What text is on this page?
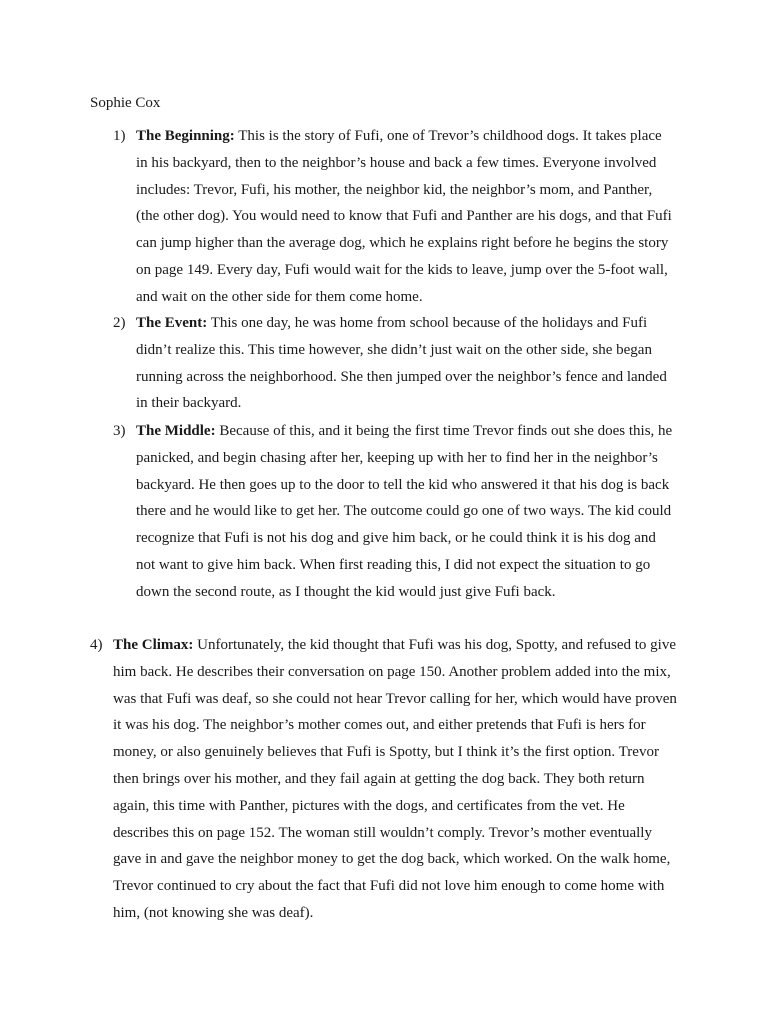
Sophie Cox

1) The Beginning: This is the story of Fufi, one of Trevor’s childhood dogs. It takes place in his backyard, then to the neighbor’s house and back a few times. Everyone involved includes: Trevor, Fufi, his mother, the neighbor kid, the neighbor’s mom, and Panther, (the other dog). You would need to know that Fufi and Panther are his dogs, and that Fufi can jump higher than the average dog, which he explains right before he begins the story on page 149. Every day, Fufi would wait for the kids to leave, jump over the 5-foot wall, and wait on the other side for them come home.

2) The Event: This one day, he was home from school because of the holidays and Fufi didn’t realize this. This time however, she didn’t just wait on the other side, she began running across the neighborhood. She then jumped over the neighbor’s fence and landed in their backyard.

3) The Middle: Because of this, and it being the first time Trevor finds out she does this, he panicked, and begin chasing after her, keeping up with her to find her in the neighbor’s backyard. He then goes up to the door to tell the kid who answered it that his dog is back there and he would like to get her. The outcome could go one of two ways. The kid could recognize that Fufi is not his dog and give him back, or he could think it is his dog and not want to give him back. When first reading this, I did not expect the situation to go down the second route, as I thought the kid would just give Fufi back.

4) The Climax: Unfortunately, the kid thought that Fufi was his dog, Spotty, and refused to give him back. He describes their conversation on page 150. Another problem added into the mix, was that Fufi was deaf, so she could not hear Trevor calling for her, which would have proven it was his dog. The neighbor’s mother comes out, and either pretends that Fufi is hers for money, or also genuinely believes that Fufi is Spotty, but I think it’s the first option. Trevor then brings over his mother, and they fail again at getting the dog back. They both return again, this time with Panther, pictures with the dogs, and certificates from the vet. He describes this on page 152. The woman still wouldn’t comply. Trevor’s mother eventually gave in and gave the neighbor money to get the dog back, which worked. On the walk home, Trevor continued to cry about the fact that Fufi did not love him enough to come home with him, (not knowing she was deaf).
